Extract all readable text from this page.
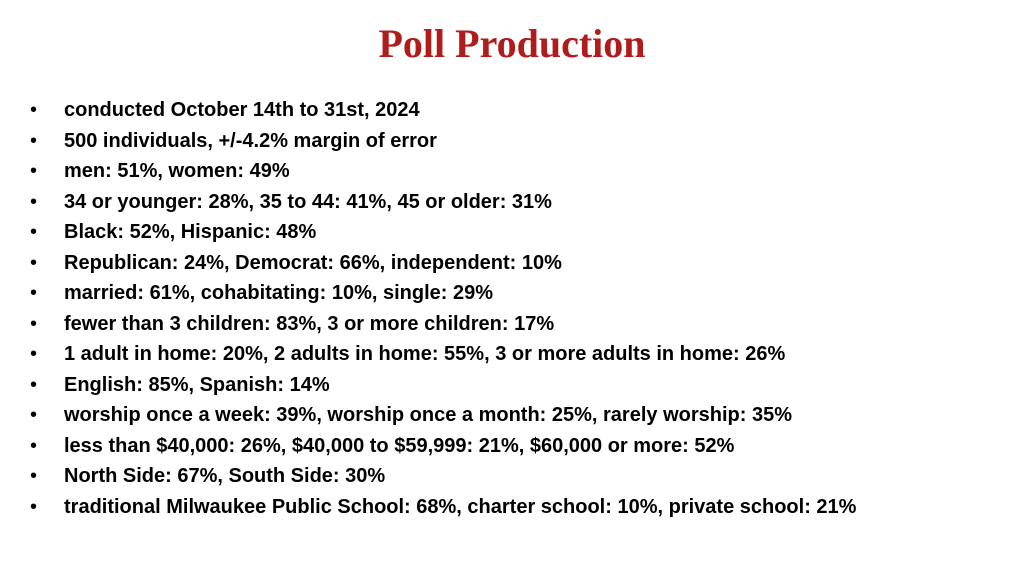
Poll Production
•	conducted October 14th to 31st, 2024
•	500 individuals, +/-4.2% margin of error
•	men: 51%, women: 49%
•	34 or younger: 28%, 35 to 44: 41%, 45 or older: 31%
•	Black: 52%, Hispanic: 48%
•	Republican: 24%, Democrat: 66%, independent: 10%
•	married: 61%, cohabitating: 10%, single: 29%
•	fewer than 3 children: 83%, 3 or more children: 17%
•	1 adult in home: 20%, 2 adults in home: 55%, 3 or more adults in home: 26%
•	English: 85%, Spanish: 14%
•	worship once a week: 39%, worship once a month: 25%, rarely worship: 35%
•	less than $40,000: 26%, $40,000 to $59,999: 21%, $60,000 or more: 52%
•	North Side: 67%, South Side: 30%
•	traditional Milwaukee Public School: 68%, charter school: 10%, private school: 21%
